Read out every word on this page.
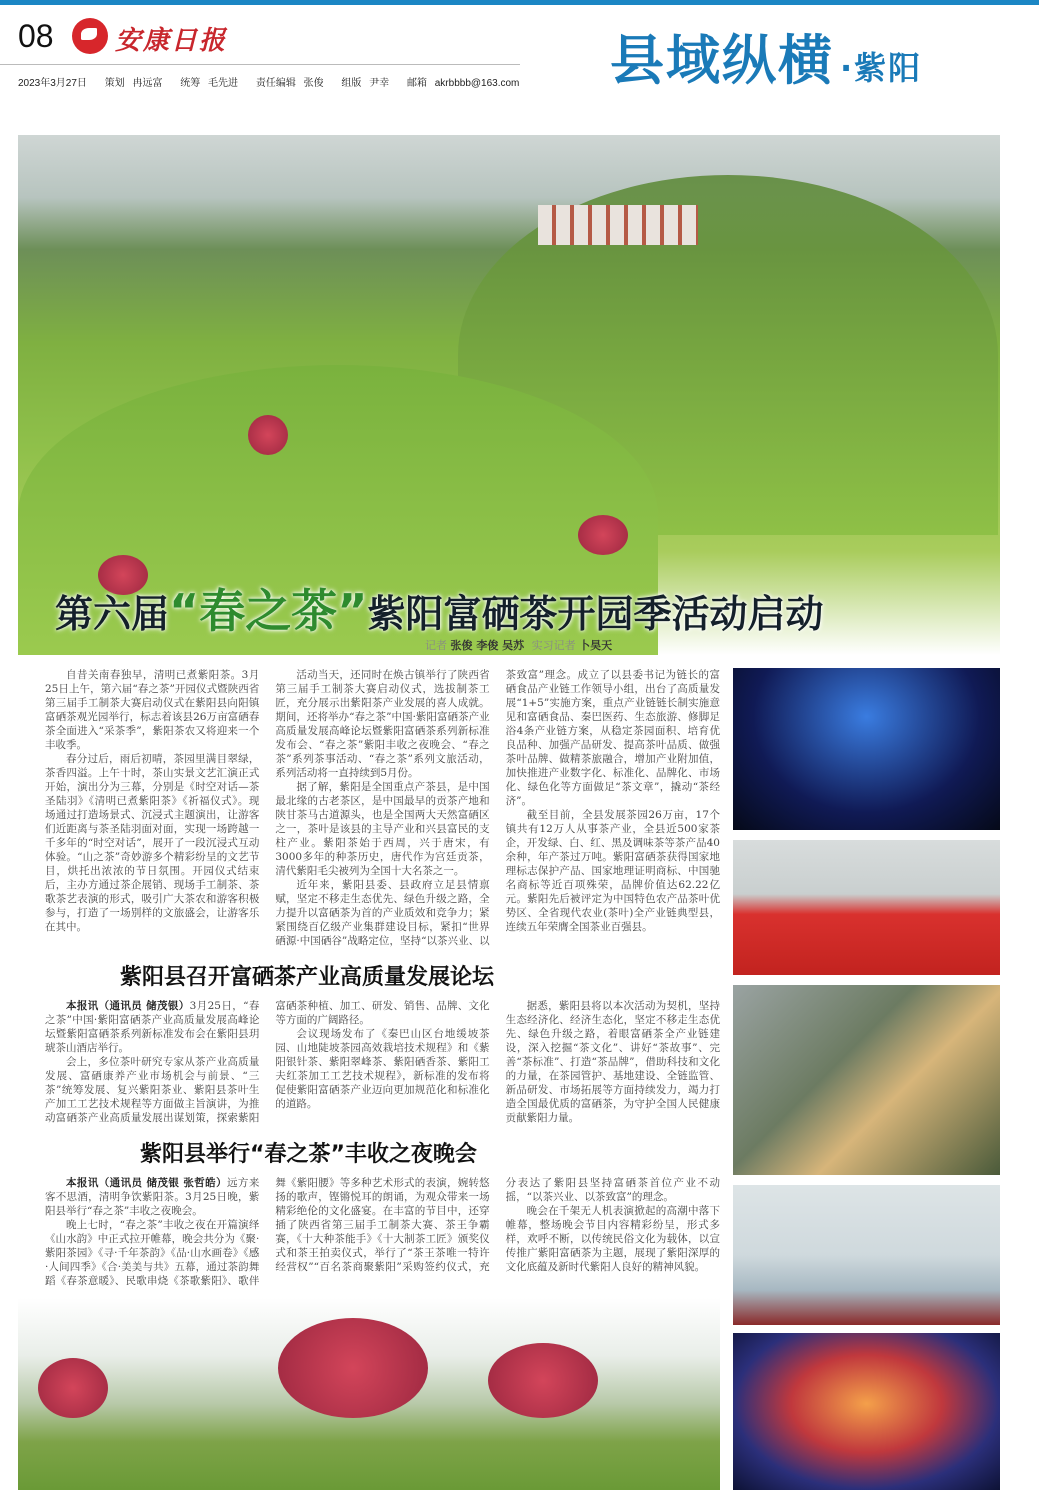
08 安康日报
2023年3月27日 策划 冉远富 统筹 毛先进 责任编辑 张俊 组版 尹幸 邮箱 akrbbbb@163.com 县域纵横 ·紫阳
第六届“春之茶”紫阳富硒茶开园季活动启动
记者 张俊 李俊 吴苏 实习记者 卜昊天

自昔关南春独早，清明已煮紫阳茶。3月25日上午，第六届“春之茶”开园仪式暨陕西省第三届手工制茶大赛启动仪式在紫阳县向阳镇富硒茶观光园举行，标志着该县26万亩富硒春茶全面进入“采茶季”，紫阳茶农又将迎来一个丰收季。

春分过后，雨后初晴，茶园里满目翠绿，茶香四溢。上午十时，茶山实景文艺汇演正式开始，演出分为三幕，分别是《时空对话—茶圣陆羽》《清明已煮紫阳茶》《祈福仪式》。现场通过打造场景式、沉浸式主题演出，让游客们近距离与茶圣陆羽面对面，实现一场跨越一千多年的“时空对话”，展开了一段沉浸式互动体验。“山之茶”奇妙游多个精彩纷呈的文艺节目，烘托出浓浓的节日氛围。开园仪式结束后，主办方通过茶企展销、现场手工制茶、茶歌茶艺表演的形式，吸引广大茶农和游客积极参与，打造了一场别样的文旅盛会，让游客乐在其中。

活动当天，还同时在焕古镇举行了陕西省第三届手工制茶大赛启动仪式，选拔制茶工匠，充分展示出紫阳茶产业发展的喜人成就。期间，还将举办“春之茶”中国·紫阳富硒茶产业高质量发展高峰论坛暨紫阳富硒茶系列新标准发布会、“春之茶”紫阳丰收之夜晚会、“春之茶”系列茶事活动、“春之茶”系列文旅活动，系列活动将一直持续到5月份。

据了解，紫阳是全国重点产茶县，是中国最北缘的古老茶区，是中国最早的贡茶产地和陕甘茶马古道源头，也是全国两大天然富硒区之一，茶叶是该县的主导产业和兴县富民的支柱产业。紫阳茶始于西周，兴于唐宋，有3000多年的种茶历史，唐代作为宫廷贡茶，清代紫阳毛尖被列为全国十大名茶之一。

近年来，紫阳县委、县政府立足县情禀赋，坚定不移走生态优先、绿色升级之路，全力提升以富硒茶为首的产业质效和竞争力；紧紧围绕百亿级产业集群建设目标，紧扣“世界硒源·中国硒谷”战略定位，坚持“以茶兴业、以茶致富”理念。成立了以县委书记为链长的富硒食品产业链工作领导小组，出台了高质量发展“1+5”实施方案，重点产业链链长制实施意见和富硒食品、秦巴医药、生态旅游、修脚足浴4条产业链方案，从稳定茶园面积、培育优良品种、加强产品研发、提高茶叶品质、做强茶叶品牌、做精茶旅融合，增加产业附加值，加快推进产业数字化、标准化、品牌化、市场化、绿色化等方面做足“茶文章”，撬动“茶经济”。

截至目前，全县发展茶园26万亩，17个镇共有12万人从事茶产业，全县近500家茶企，开发绿、白、红、黑及调味茶等茶产品40余种，年产茶过万吨。紫阳富硒茶获得国家地理标志保护产品、国家地理证明商标、中国驰名商标等近百项殊荣，品牌价值达62.22亿元。紫阳先后被评定为中国特色农产品茶叶优势区、全省现代农业(茶叶)全产业链典型县，连续五年荣膺全国茶业百强县。

紫阳县召开富硒茶产业高质量发展论坛

本报讯（通讯员 储茂银）3月25日，“春之茶”中国·紫阳富硒茶产业高质量发展高峰论坛暨紫阳富硒茶系列新标准发布会在紫阳县玥琥茶山酒店举行。

会上，多位茶叶研究专家从茶产业高质量发展、富硒康养产业市场机会与前景、“三茶”统筹发展、复兴紫阳茶业、紫阳县茶叶生产加工工艺技术规程等方面做主旨演讲，为推动富硒茶产业高质量发展出谋划策，探索紫阳富硒茶种植、加工、研发、销售、品牌、文化等方面的广阔路径。

会议现场发布了《秦巴山区台地缓坡茶园、山地陡坡茶园高效栽培技术规程》和《紫阳银针茶、紫阳翠峰茶、紫阳硒香茶、紫阳工夫红茶加工工艺技术规程》，新标准的发布将促使紫阳富硒茶产业迈向更加规范化和标准化的道路。

据悉，紫阳县将以本次活动为契机，坚持生态经济化、经济生态化，坚定不移走生态优先、绿色升级之路，着眼富硒茶全产业链建设，深入挖掘“茶文化”、讲好“茶故事”、完善“茶标准”、打造“茶品牌”，借助科技和文化的力量，在茶园管护、基地建设、全链监管、新品研发、市场拓展等方面持续发力，竭力打造全国最优质的富硒茶，为守护全国人民健康贡献紫阳力量。

紫阳县举行“春之茶”丰收之夜晚会

本报讯（通讯员 储茂银 张哲皓）远方来客不思酒，清明争饮紫阳茶。3月25日晚，紫阳县举行“春之茶”丰收之夜晚会。

晚上七时，“春之茶”丰收之夜在开篇演绎《山水韵》中正式拉开帷幕，晚会共分为《聚·紫阳茶园》《寻·千年茶韵》《品·山水画卷》《感·人间四季》《合·美美与共》五幕，通过茶韵舞蹈《春茶意暖》、民歌串烧《茶歌紫阳》、歌伴舞《紫阳腰》等多种艺术形式的表演，婉转悠扬的歌声，铿锵悦耳的朗诵，为观众带来一场精彩绝伦的文化盛宴。在丰富的节目中，还穿插了陕西省第三届手工制茶大赛、茶王争霸赛，《十大种茶能手》《十大制茶工匠》颁奖仪式和茶王拍卖仪式，举行了“茶王茶唯一特许经营权”“百名茶商聚紫阳”采购签约仪式，充分表达了紫阳县坚持富硒茶首位产业不动摇，“以茶兴业、以茶致富”的理念。

晚会在千架无人机表演掀起的高潮中落下帷幕，整场晚会节目内容精彩纷呈，形式多样，欢呼不断，以传统民俗文化为载体，以宣传推广紫阳富硒茶为主题，展现了紫阳深厚的文化底蕴及新时代紫阳人良好的精神风貌。
